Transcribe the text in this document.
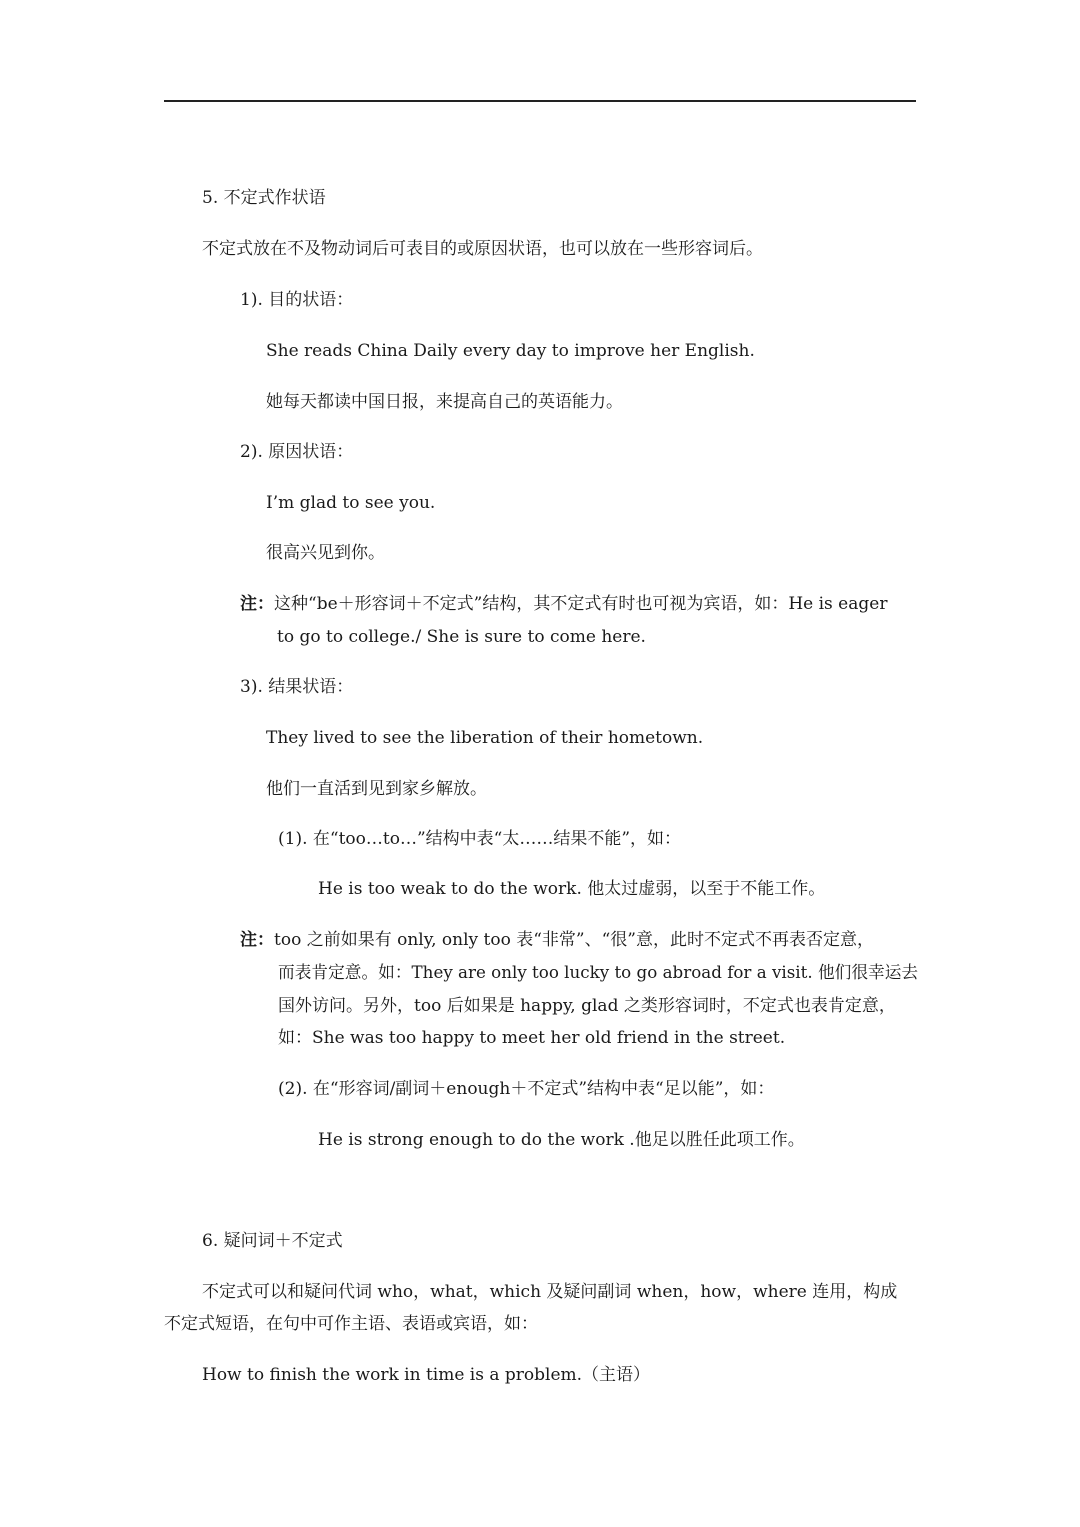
5. 不定式作状语
不定式放在不及物动词后可表目的或原因状语，也可以放在一些形容词后。
1). 目的状语：
She reads China Daily every day to improve her English.
她每天都读中国日报，来提高自己的英语能力。
2). 原因状语：
I’m glad to see you.
很高兴见到你。
注：这种“be＋形容词＋不定式”结构，其不定式有时也可视为宾语，如：He is eager
to go to college./ She is sure to come here.
3). 结果状语：
They lived to see the liberation of their hometown.
他们一直活到见到家乡解放。
(1). 在“too…to…”结构中表“太……结果不能”，如：
He is too weak to do the work. 他太过虚弱，以至于不能工作。
注：too 之前如果有 only, only too 表“非常”、“很”意，此时不定式不再表否定意，
而表肯定意。如：They are only too lucky to go abroad for a visit. 他们很幸运去
国外访问。另外，too 后如果是 happy, glad 之类形容词时，不定式也表肯定意，
如：She was too happy to meet her old friend in the street.
(2). 在“形容词/副词＋enough＋不定式”结构中表“足以能”，如：
He is strong enough to do the work .他足以胜任此项工作。
6. 疑问词＋不定式
不定式可以和疑问代词 who，what，which 及疑问副词 when，how，where 连用，构成
不定式短语，在句中可作主语、表语或宾语，如：
How to finish the work in time is a problem.（主语）
